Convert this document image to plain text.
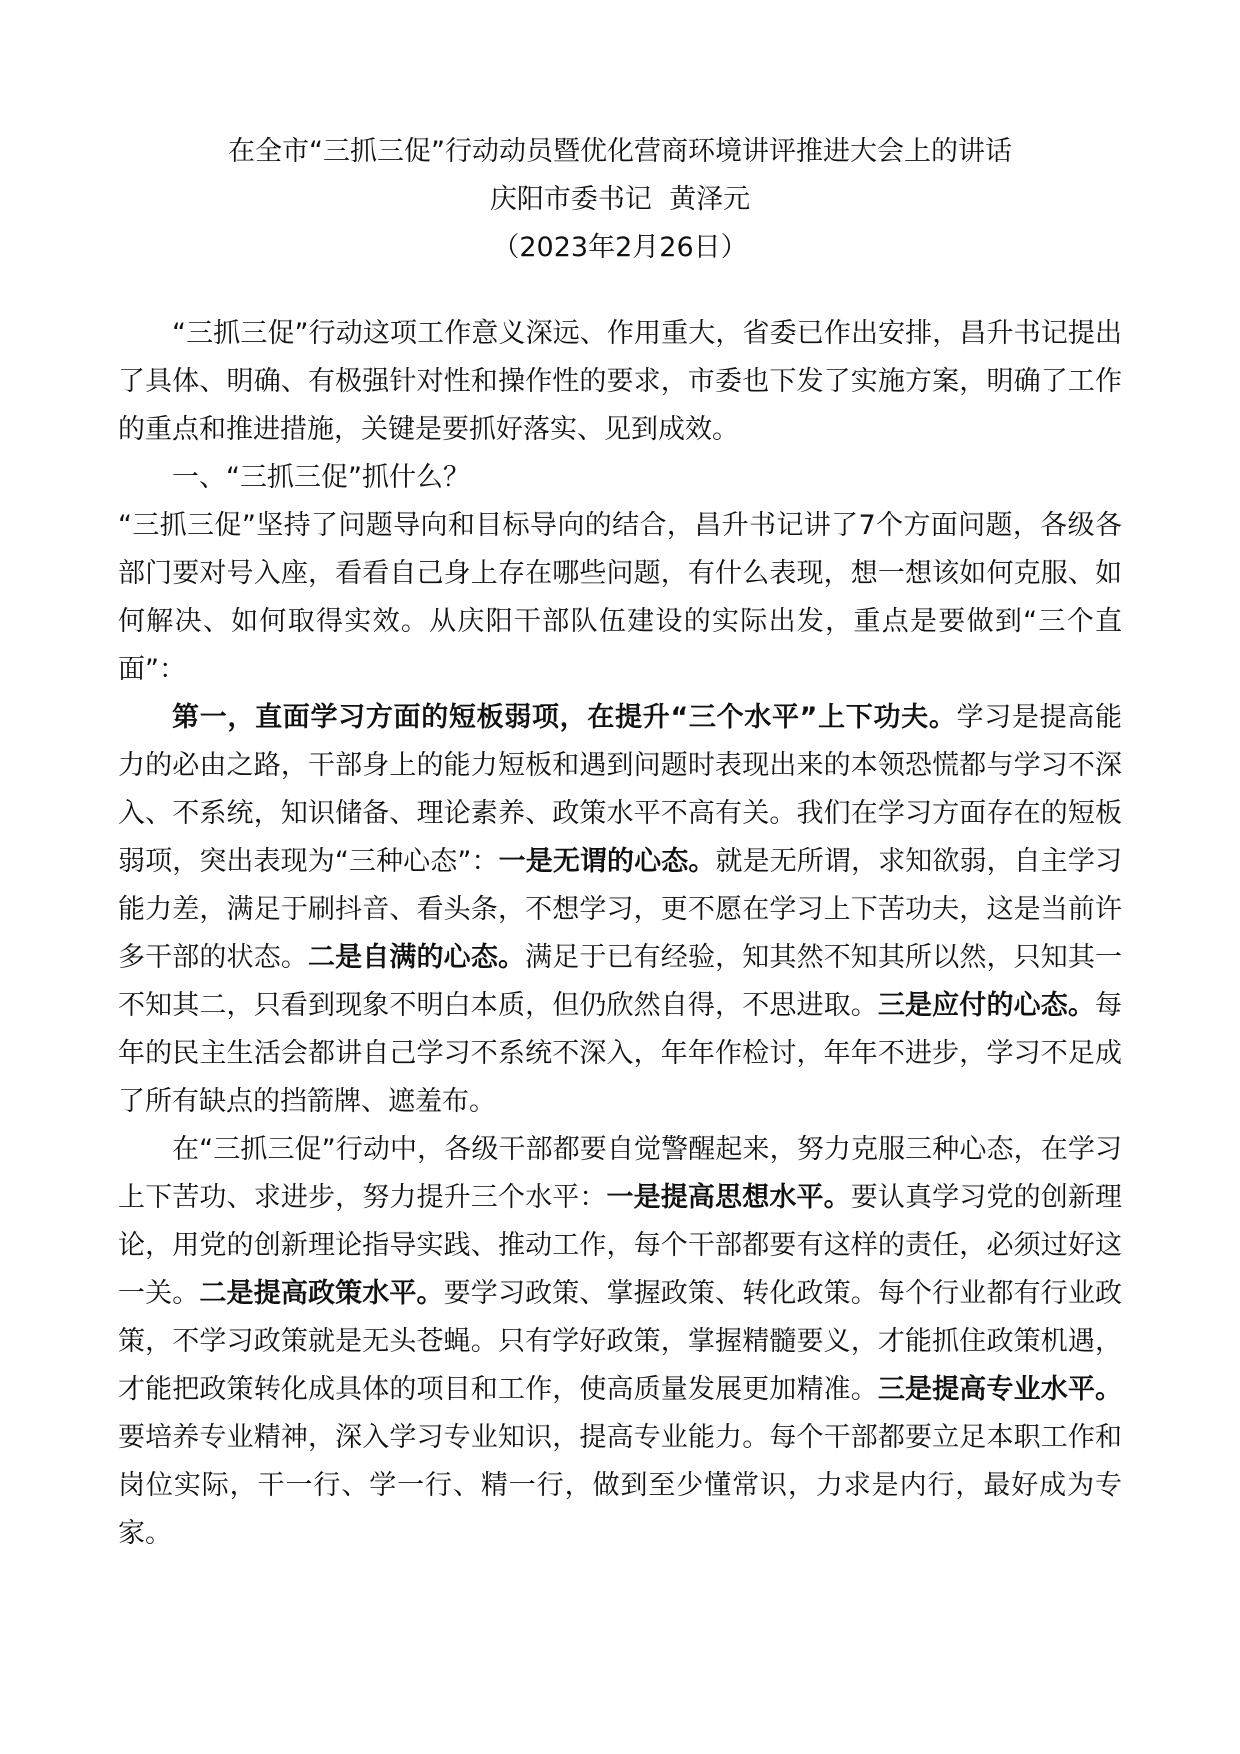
在全市“三抓三促”行动动员暨优化营商环境讲评推进大会上的讲话
庆阳市委书记  黄泽元
（2023年2月26日）

“三抓三促”行动这项工作意义深远、作用重大，省委已作出安排，昌升书记提出了具体、明确、有极强针对性和操作性的要求，市委也下发了实施方案，明确了工作的重点和推进措施，关键是要抓好落实、见到成效。

一、“三抓三促”抓什么？

“三抓三促”坚持了问题导向和目标导向的结合，昌升书记讲了7个方面问题，各级各部门要对号入座，看看自己身上存在哪些问题，有什么表现，想一想该如何克服、如何解决、如何取得实效。从庆阳干部队伍建设的实际出发，重点是要做到“三个直面”：

第一，直面学习方面的短板弱项，在提升“三个水平”上下功夫。学习是提高能力的必由之路，干部身上的能力短板和遇到问题时表现出来的本领恐慌都与学习不深入、不系统，知识储备、理论素养、政策水平不高有关。我们在学习方面存在的短板弱项，突出表现为“三种心态”：一是无谓的心态。就是无所谓，求知欲弱，自主学习能力差，满足于刷抖音、看头条，不想学习，更不愿在学习上下苦功夫，这是当前许多干部的状态。二是自满的心态。满足于已有经验，知其然不知其所以然，只知其一不知其二，只看到现象不明白本质，但仍欣然自得，不思进取。三是应付的心态。每年的民主生活会都讲自己学习不系统不深入，年年作检讨，年年不进步，学习不足成了所有缺点的挡箭牌、遮羞布。

在“三抓三促”行动中，各级干部都要自觉警醒起来，努力克服三种心态，在学习上下苦功、求进步，努力提升三个水平：一是提高思想水平。要认真学习党的创新理论，用党的创新理论指导实践、推动工作，每个干部都要有这样的责任，必须过好这一关。二是提高政策水平。要学习政策、掌握政策、转化政策。每个行业都有行业政策，不学习政策就是无头苍蝇。只有学好政策，掌握精髓要义，才能抓住政策机遇，才能把政策转化成具体的项目和工作，使高质量发展更加精准。三是提高专业水平。要培养专业精神，深入学习专业知识，提高专业能力。每个干部都要立足本职工作和岗位实际，干一行、学一行、精一行，做到至少懂常识，力求是内行，最好成为专家。
